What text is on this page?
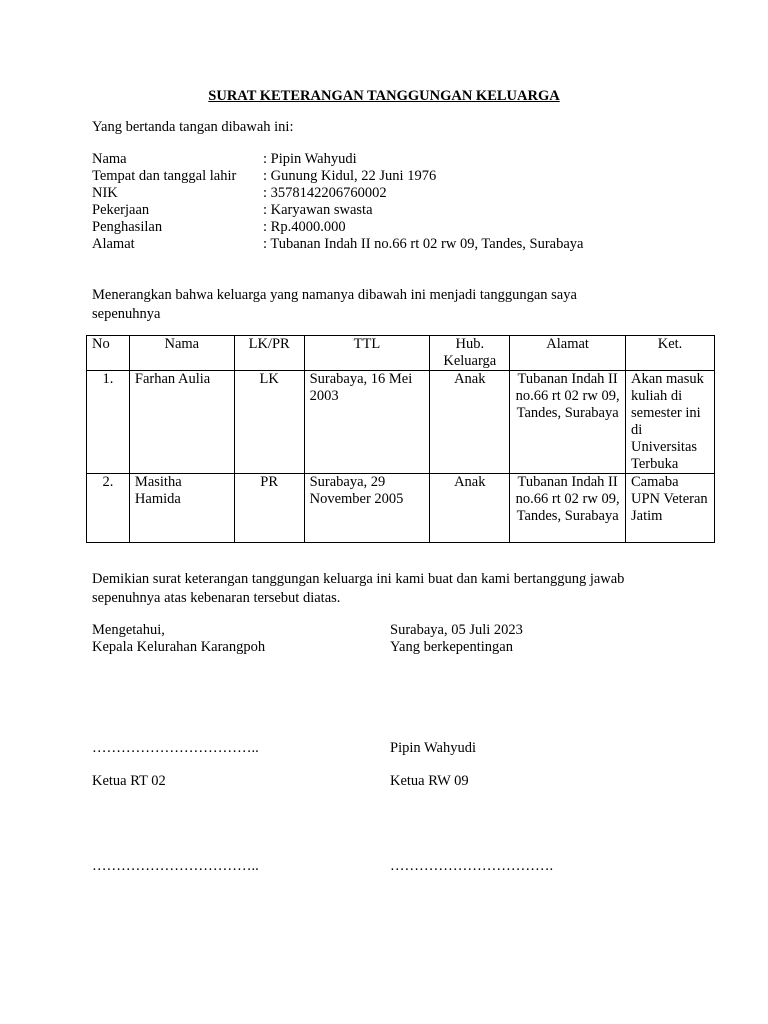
SURAT KETERANGAN TANGGUNGAN KELUARGA
Yang bertanda tangan dibawah ini:
Nama	: Pipin Wahyudi
Tempat dan tanggal lahir	: Gunung Kidul, 22 Juni 1976
NIK	: 3578142206760002
Pekerjaan	: Karyawan swasta
Penghasilan	: Rp.4000.000
Alamat	: Tubanan Indah II no.66 rt 02 rw 09, Tandes, Surabaya
Menerangkan bahwa keluarga yang namanya dibawah ini menjadi tanggungan saya
sepenuhnya
No	Nama	LK/PR	TTL	Hub. Keluarga	Alamat	Ket.
1.	Farhan Aulia	LK	Surabaya, 16 Mei 2003	Anak	Tubanan Indah II no.66 rt 02 rw 09, Tandes, Surabaya	Akan masuk kuliah di semester ini di Universitas Terbuka
2.	Masitha Hamida	PR	Surabaya, 29 November 2005	Anak	Tubanan Indah II no.66 rt 02 rw 09, Tandes, Surabaya	Camaba UPN Veteran Jatim
Demikian surat keterangan tanggungan keluarga ini kami buat dan kami bertanggung jawab
sepenuhnya atas kebenaran tersebut diatas.
Mengetahui,
Kepala Kelurahan Karangpoh
Surabaya, 05 Juli 2023
Yang berkepentingan
……………………………..	Pipin Wahyudi
Ketua RT 02	Ketua RW 09
……………………………..	…………………………….
